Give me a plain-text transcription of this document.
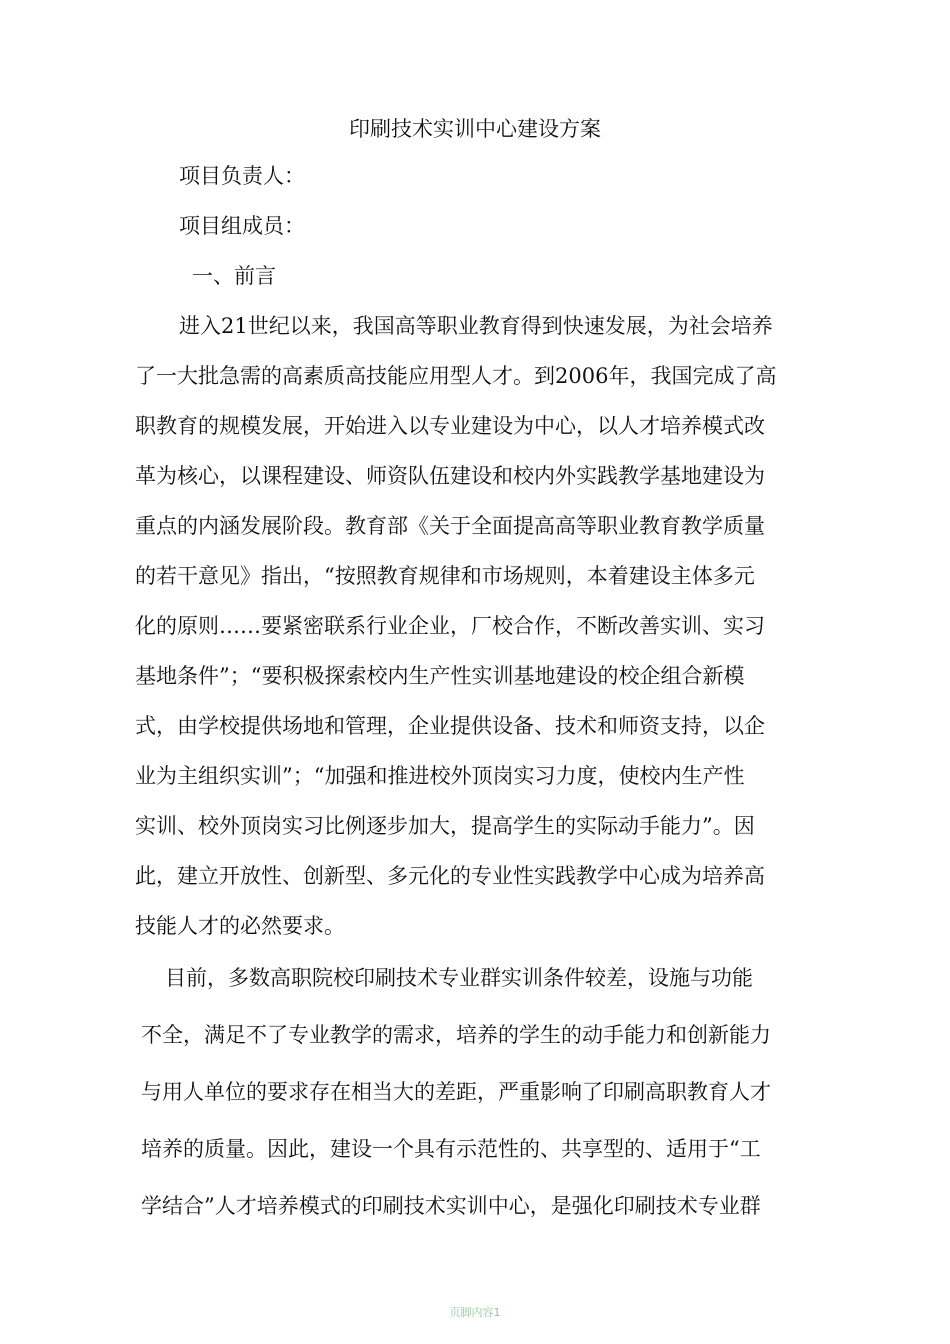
印刷技术实训中心建设方案

项目负责人：

项目组成员：

一、前言

进入21世纪以来，我国高等职业教育得到快速发展，为社会培养

了一大批急需的高素质高技能应用型人才。到2006年，我国完成了高

职教育的规模发展，开始进入以专业建设为中心，以人才培养模式改

革为核心，以课程建设、师资队伍建设和校内外实践教学基地建设为

重点的内涵发展阶段。教育部《关于全面提高高等职业教育教学质量

的若干意见》指出，“按照教育规律和市场规则，本着建设主体多元

化的原则……要紧密联系行业企业，厂校合作，不断改善实训、实习

基地条件”；“要积极探索校内生产性实训基地建设的校企组合新模

式，由学校提供场地和管理，企业提供设备、技术和师资支持，以企

业为主组织实训”；“加强和推进校外顶岗实习力度，使校内生产性

实训、校外顶岗实习比例逐步加大，提高学生的实际动手能力”。因

此，建立开放性、创新型、多元化的专业性实践教学中心成为培养高

技能人才的必然要求。

目前，多数高职院校印刷技术专业群实训条件较差，设施与功能

不全，满足不了专业教学的需求，培养的学生的动手能力和创新能力

与用人单位的要求存在相当大的差距，严重影响了印刷高职教育人才

培养的质量。因此，建设一个具有示范性的、共享型的、适用于“工

学结合”人才培养模式的印刷技术实训中心，是强化印刷技术专业群

页脚内容1
